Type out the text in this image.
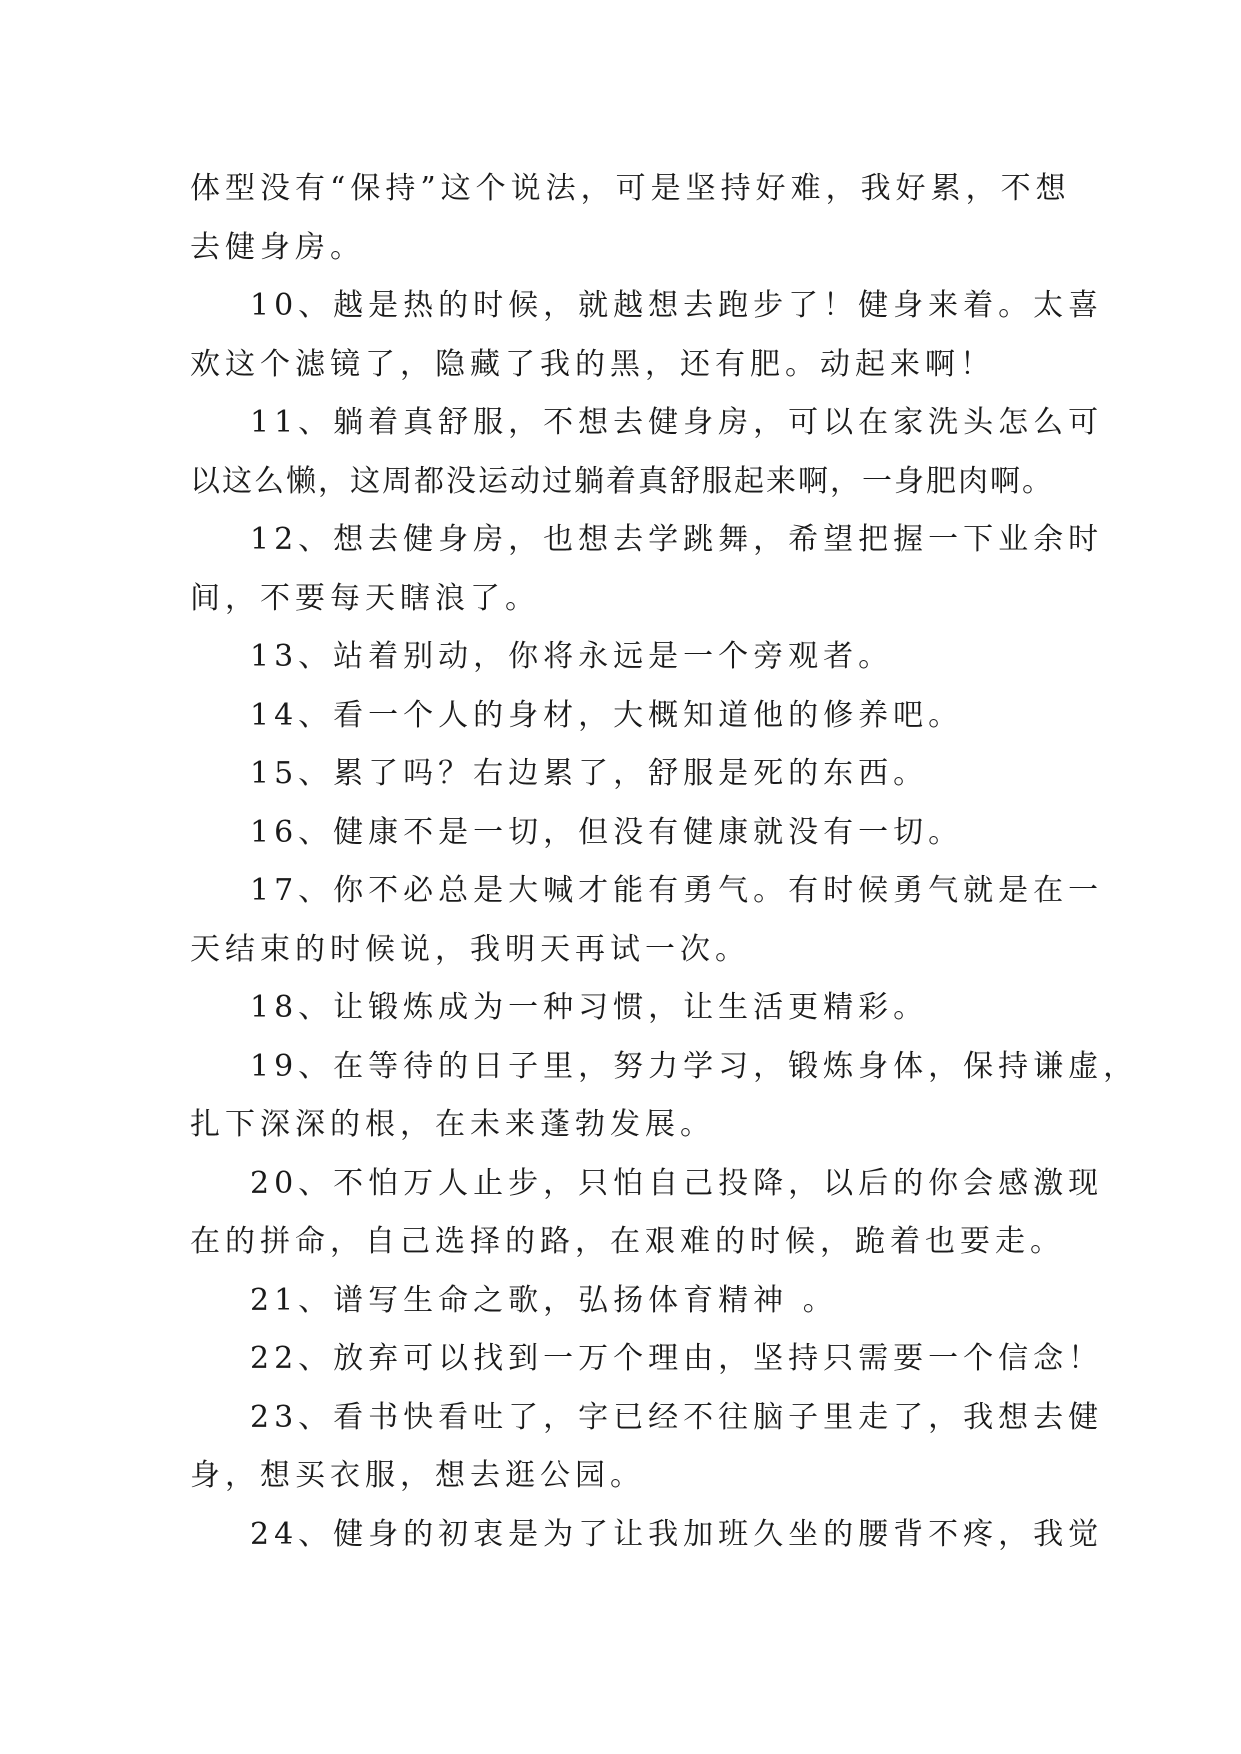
体型没有“保持”这个说法，可是坚持好难，我好累，不想

去健身房。

10、越是热的时候，就越想去跑步了！健身来着。太喜

欢这个滤镜了，隐藏了我的黑，还有肥。动起来啊！

11、躺着真舒服，不想去健身房，可以在家洗头怎么可

以这么懒，这周都没运动过躺着真舒服起来啊，一身肥肉啊。

12、想去健身房，也想去学跳舞，希望把握一下业余时

间，不要每天瞎浪了。

13、站着别动，你将永远是一个旁观者。

14、看一个人的身材，大概知道他的修养吧。

15、累了吗？右边累了，舒服是死的东西。

16、健康不是一切，但没有健康就没有一切。

17、你不必总是大喊才能有勇气。有时候勇气就是在一

天结束的时候说，我明天再试一次。

18、让锻炼成为一种习惯，让生活更精彩。

19、在等待的日子里，努力学习，锻炼身体，保持谦虚，

扎下深深的根，在未来蓬勃发展。

20、不怕万人止步，只怕自己投降，以后的你会感激现

在的拼命，自己选择的路，在艰难的时候，跪着也要走。

21、谱写生命之歌，弘扬体育精神 。

22、放弃可以找到一万个理由，坚持只需要一个信念！

23、看书快看吐了，字已经不往脑子里走了，我想去健

身，想买衣服，想去逛公园。

24、健身的初衷是为了让我加班久坐的腰背不疼，我觉
